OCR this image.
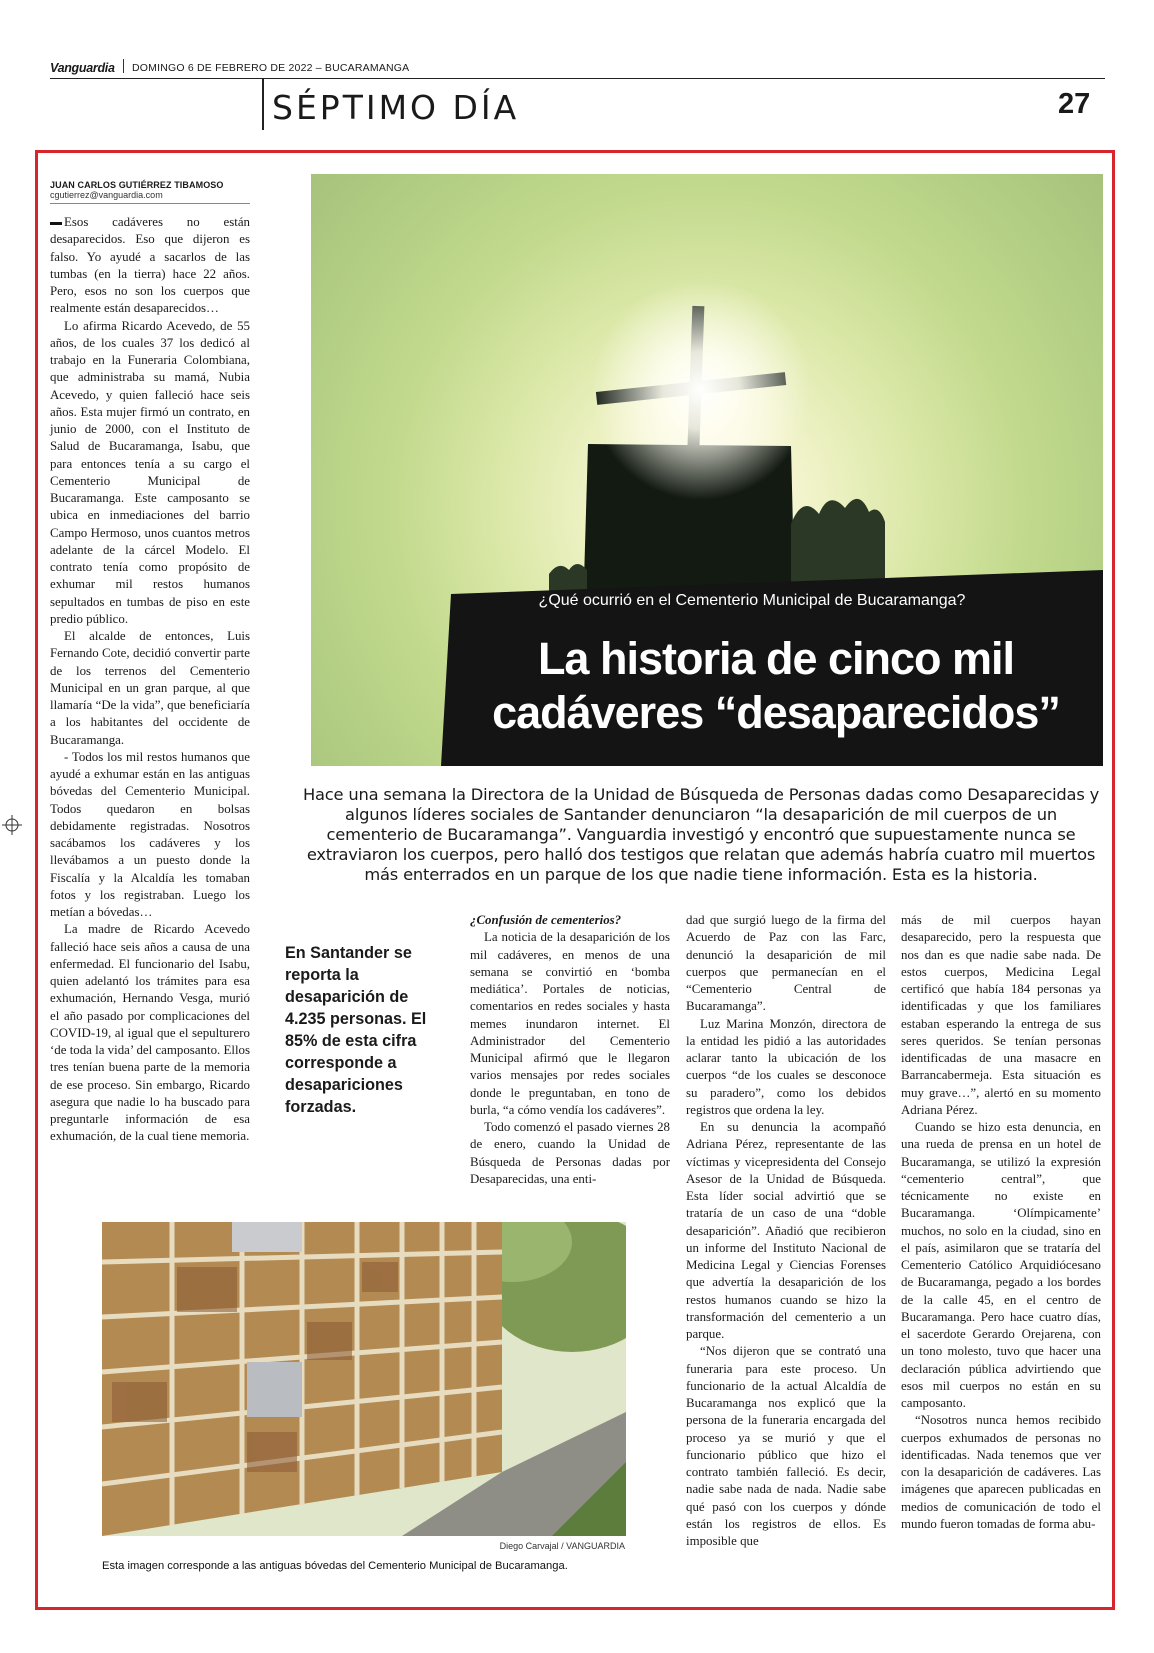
Vanguardia DOMINGO 6 DE FEBRERO DE 2022 – BUCARAMANGA
SÉPTIMO DÍA	27
JUAN CARLOS GUTIÉRREZ TIBAMOSO
cgutierrez@vanguardia.com

Esos cadáveres no están desaparecidos. Eso que dijeron es falso. Yo ayudé a sacarlos de las tumbas (en la tierra) hace 22 años. Pero, esos no son los cuerpos que realmente están desaparecidos…

Lo afirma Ricardo Acevedo, de 55 años, de los cuales 37 los dedicó al trabajo en la Funeraria Colombiana, que administraba su mamá, Nubia Acevedo, y quien falleció hace seis años. Esta mujer firmó un contrato, en junio de 2000, con el Instituto de Salud de Bucaramanga, Isabu, que para entonces tenía a su cargo el Cementerio Municipal de Bucaramanga. Este camposanto se ubica en inmediaciones del barrio Campo Hermoso, unos cuantos metros adelante de la cárcel Modelo. El contrato tenía como propósito de exhumar mil restos humanos sepultados en tumbas de piso en este predio público.

El alcalde de entonces, Luis Fernando Cote, decidió convertir parte de los terrenos del Cementerio Municipal en un gran parque, al que llamaría “De la vida”, que beneficiaría a los habitantes del occidente de Bucaramanga.

- Todos los mil restos humanos que ayudé a exhumar están en las antiguas bóvedas del Cementerio Municipal. Todos quedaron en bolsas debidamente registradas. Nosotros sacábamos los cadáveres y los llevábamos a un puesto donde la Fiscalía y la Alcaldía les tomaban fotos y los registraban. Luego los metían a bóvedas…

La madre de Ricardo Acevedo falleció hace seis años a causa de una enfermedad. El funcionario del Isabu, quien adelantó los trámites para esa exhumación, Hernando Vesga, murió el año pasado por complicaciones del COVID-19, al igual que el sepulturero ‘de toda la vida’ del camposanto. Ellos tres tenían buena parte de la memoria de ese proceso. Sin embargo, Ricardo asegura que nadie lo ha buscado para preguntarle información de esa exhumación, de la cual tiene memoria.

¿Qué ocurrió en el Cementerio Municipal de Bucaramanga?
La historia de cinco mil cadáveres “desaparecidos”

Hace una semana la Directora de la Unidad de Búsqueda de Personas dadas como Desaparecidas y algunos líderes sociales de Santander denunciaron “la desaparición de mil cuerpos de un cementerio de Bucaramanga”. Vanguardia investigó y encontró que supuestamente nunca se extraviaron los cuerpos, pero halló dos testigos que relatan que además habría cuatro mil muertos más enterrados en un parque de los que nadie tiene información. Esta es la historia.

En Santander se reporta la desaparición de 4.235 personas. El 85% de esta cifra corresponde a desapariciones forzadas.

¿Confusión de cementerios?

La noticia de la desaparición de los mil cadáveres, en menos de una semana se convirtió en ‘bomba mediática’. Portales de noticias, comentarios en redes sociales y hasta memes inundaron internet. El Administrador del Cementerio Municipal afirmó que le llegaron varios mensajes por redes sociales donde le preguntaban, en tono de burla, “a cómo vendía los cadáveres”.

Todo comenzó el pasado viernes 28 de enero, cuando la Unidad de Búsqueda de Personas dadas por Desaparecidas, una enti-

dad que surgió luego de la firma del Acuerdo de Paz con las Farc, denunció la desaparición de mil cuerpos que permanecían en el “Cementerio Central de Bucaramanga”.

Luz Marina Monzón, directora de la entidad les pidió a las autoridades aclarar tanto la ubicación de los cuerpos “de los cuales se desconoce su paradero”, como los debidos registros que ordena la ley.

En su denuncia la acompañó Adriana Pérez, representante de las víctimas y vicepresidenta del Consejo Asesor de la Unidad de Búsqueda. Esta líder social advirtió que se trataría de un caso de una “doble desaparición”. Añadió que recibieron un informe del Instituto Nacional de Medicina Legal y Ciencias Forenses que advertía la desaparición de los restos humanos cuando se hizo la transformación del cementerio a un parque.

“Nos dijeron que se contrató una funeraria para este proceso. Un funcionario de la actual Alcaldía de Bucaramanga nos explicó que la persona de la funeraria encargada del proceso ya se murió y que el funcionario público que hizo el contrato también falleció. Es decir, nadie sabe nada de nada. Nadie sabe qué pasó con los cuerpos y dónde están los registros de ellos. Es imposible que

más de mil cuerpos hayan desaparecido, pero la respuesta que nos dan es que nadie sabe nada. De estos cuerpos, Medicina Legal certificó que había 184 personas ya identificadas y que los familiares estaban esperando la entrega de sus seres queridos. Se tenían personas identificadas de una masacre en Barrancabermeja. Esta situación es muy grave…”, alertó en su momento Adriana Pérez.

Cuando se hizo esta denuncia, en una rueda de prensa en un hotel de Bucaramanga, se utilizó la expresión “cementerio central”, que técnicamente no existe en Bucaramanga. ‘Olímpicamente’ muchos, no solo en la ciudad, sino en el país, asimilaron que se trataría del Cementerio Católico Arquidiócesano de Bucaramanga, pegado a los bordes de la calle 45, en el centro de Bucaramanga. Pero hace cuatro días, el sacerdote Gerardo Orejarena, con un tono molesto, tuvo que hacer una declaración pública advirtiendo que esos mil cuerpos no están en su camposanto.

“Nosotros nunca hemos recibido cuerpos exhumados de personas no identificadas. Nada tenemos que ver con la desaparición de cadáveres. Las imágenes que aparecen publicadas en medios de comunicación de todo el mundo fueron tomadas de forma abu-

Diego Carvajal / VANGUARDIA
Esta imagen corresponde a las antiguas bóvedas del Cementerio Municipal de Bucaramanga.
